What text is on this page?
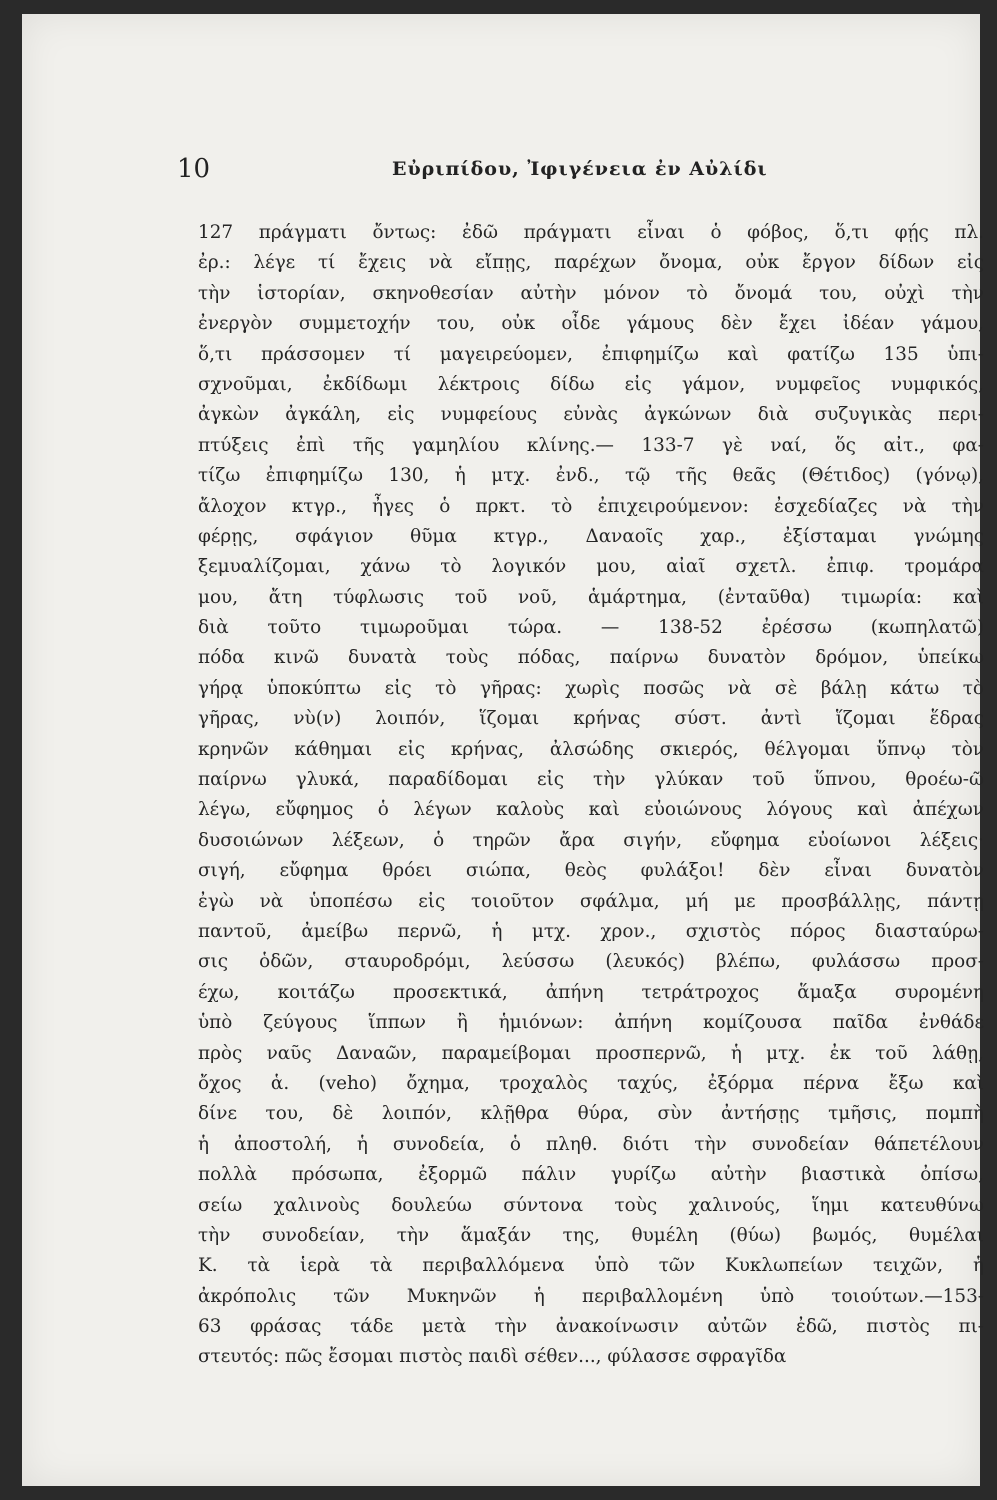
10	Εὐριπίδου, Ἰφιγένεια ἐν Αὐλίδι
127 πράγματι ὄντως: ἐδῶ πράγματι εἶναι ὁ φόβος, ὅ,τι φῄς πλ.
ἐρ.: λέγε τί ἔχεις νὰ εἴπῃς, παρέχων ὄνομα, οὐκ ἔργον δίδων εἰς
τὴν ἱστορίαν, σκηνοθεσίαν αὐτὴν μόνον τὸ ὄνομά του, οὐχὶ τὴν
ἐνεργὸν συμμετοχήν του, οὐκ οἶδε γάμους δὲν ἔχει ἰδέαν γάμου,
ὅ,τι πράσσομεν τί μαγειρεύομεν, ἐπιφημίζω καὶ φατίζω 135 ὑπι-
σχνοῦμαι, ἐκδίδωμι λέκτροις δίδω εἰς γάμον, νυμφεῖος νυμφικός,
ἀγκὼν ἀγκάλη, εἰς νυμφείους εὐνὰς ἀγκώνων διὰ συζυγικὰς περι-
πτύξεις ἐπὶ τῆς γαμηλίου κλίνης.— 133-7 γὲ ναί, ὅς αἰτ., φα-
τίζω ἐπιφημίζω 130, ἡ μτχ. ἐνδ., τῷ τῆς θεᾶς (Θέτιδος) (γόνῳ),
ἄλοχον κτγρ., ἦγες ὁ πρκτ. τὸ ἐπιχειρούμενον: ἐσχεδίαζες νὰ τὴν
φέρῃς, σφάγιον θῦμα κτγρ., Δαναοῖς χαρ., ἐξίσταμαι γνώμης
ξεμυαλίζομαι, χάνω τὸ λογικόν μου, αἰαῖ σχετλ. ἐπιφ. τρομάρα
μου, ἄτη τύφλωσις τοῦ νοῦ, ἁμάρτημα, (ἐνταῦθα) τιμωρία: καὶ
διὰ τοῦτο τιμωροῦμαι τώρα. — 138-52 ἐρέσσω (κωπηλατῶ)
πόδα κινῶ δυνατὰ τοὺς πόδας, παίρνω δυνατὸν δρόμον, ὑπείκω
γήρᾳ ὑποκύπτω εἰς τὸ γῆρας: χωρὶς ποσῶς νὰ σὲ βάλῃ κάτω τὸ
γῆρας, νὺ(ν) λοιπόν, ἵζομαι κρήνας σύστ. ἀντὶ ἵζομαι ἕδρας
κρηνῶν κάθημαι εἰς κρήνας, ἀλσώδης σκιερός, θέλγομαι ὕπνῳ τὸν
παίρνω γλυκά, παραδίδομαι εἰς τὴν γλύκαν τοῦ ὕπνου, θροέω-ῶ
λέγω, εὔφημος ὁ λέγων καλοὺς καὶ εὐοιώνους λόγους καὶ ἀπέχων
δυσοιώνων λέξεων, ὁ τηρῶν ἄρα σιγήν, εὔφημα εὐοίωνοι λέξεις·
σιγή, εὔφημα θρόει σιώπα, θεὸς φυλάξοι! δὲν εἶναι δυνατὸν
ἐγὼ νὰ ὑποπέσω εἰς τοιοῦτον σφάλμα, μή με προσβάλλῃς, πάντῃ
παντοῦ, ἀμείβω περνῶ, ἡ μτχ. χρον., σχιστὸς πόρος διασταύρω-
σις ὁδῶν, σταυροδρόμι, λεύσσω (λευκός) βλέπω, φυλάσσω προσ-
έχω, κοιτάζω προσεκτικά, ἀπήνη τετράτροχος ἅμαξα συρομένη
ὑπὸ ζεύγους ἵππων ἢ ἡμιόνων: ἀπήνη κομίζουσα παῖδα ἐνθάδε
πρὸς ναῦς Δαναῶν, παραμείβομαι προσπερνῶ, ἡ μτχ. ἐκ τοῦ λάθῃ,
ὄχος ἁ. (veho) ὄχημα, τροχαλὸς ταχύς, ἐξόρμα πέρνα ἔξω καὶ
δίνε του, δὲ λοιπόν, κλῇθρα θύρα, σὺν ἀντήσῃς τμῆσις, πομπὴ
ἡ ἀποστολή, ἡ συνοδεία, ὁ πληθ. διότι τὴν συνοδείαν θάπετέλουν
πολλὰ πρόσωπα, ἐξορμῶ πάλιν γυρίζω αὐτὴν βιαστικὰ ὀπίσω,
σείω χαλινοὺς δουλεύω σύντονα τοὺς χαλινούς, ἵημι κατευθύνω
τὴν συνοδείαν, τὴν ἅμαξάν της, θυμέλη (θύω) βωμός, θυμέλαι
Κ. τὰ ἱερὰ τὰ περιβαλλόμενα ὑπὸ τῶν Κυκλωπείων τειχῶν, ἡ
ἀκρόπολις τῶν Μυκηνῶν ἡ περιβαλλομένη ὑπὸ τοιούτων.—153-
63 φράσας τάδε μετὰ τὴν ἀνακοίνωσιν αὐτῶν ἐδῶ, πιστὸς πι-
στευτός: πῶς ἔσομαι πιστὸς παιδὶ σέθεν..., φύλασσε σφραγῖδα
